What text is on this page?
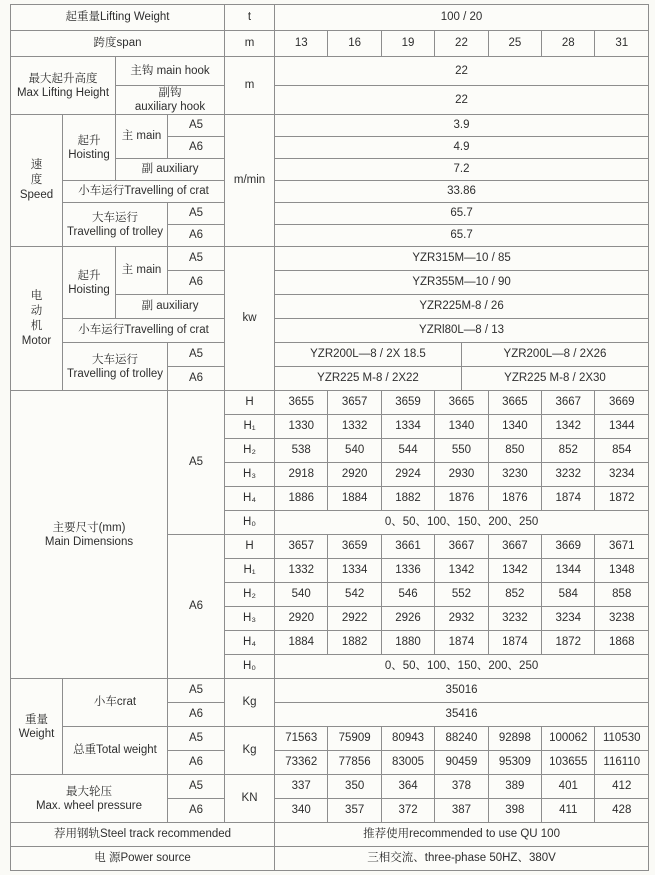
起重量Lifting Weight				t	100 / 20							
跨度span				m	13	16	19	22		25	28	31

最大起升高度
Max Lifting Height		主钩 main hook		m	22							

		副钩
auxiliary hook			22							

速
度
Speed

起升
Hoisting
	主 main	A5	m/min	3.9
			A6		4.9							
		副 auxiliary			7.2							
	小车运行Travelling of crat				33.86							

	大车运行
Travelling of trolley		A5		65.7							
			A6		65.7							

电
动
机
Motor

起升
Hoisting
	主 main	A5	kw	YZR315M—10 / 85
			A6		YZR355M—10 / 90							
		副 auxiliary			YZR225M-8 / 26							
	小车运行Travelling of crat				YZRl80L—8 / 13							

	大车运行
Travelling of trolley		A5		YZR200L—8 / 2X 18.5				YZR200L—8 / 2X26			
			A6		YZR225 M-8 / 2X22				YZR225 M-8 / 2X30			

主要尺寸(mm)
Main Dimensions			A5	H	3655	3657	3659	3665		3665	3667	3669
				H₁	1330	1332	1334	1340		1340	1342	1344
				H₂	538	540	544	550		850	852	854
				H₃	2918	2920	2924	2930		3230	3232	3234
				H₄	1886	1884	1882	1876		1876	1874	1872
				H₀	0、50、100、150、200、250							
			A6	H	3657	3659	3661	3667		3667	3669	3671
				H₁	1332	1334	1336	1342		1342	1344	1348
				H₂	540	542	546	552		852	584	858
				H₃	2920	2922	2926	2932		3232	3234	3238
				H₄	1884	1882	1880	1874		1874	1872	1868
				H₀	0、50、100、150、200、250							

重量
Weight	小车crat		A5	Kg	35016							
			A6		35416							
	总重Total weight		A5	Kg	71563	75909	80943	88240		92898	100062	110530
			A6		73362	77856	83005	90459		95309	103655	116110

最大轮压
Max. wheel pressure			A5	KN	337	350	364	378		389	401	412
			A6		340	357	372	387		398	411	428
荐用钢轨Steel track recommended					推荐使用recommended to use QU 100							
电 源Power source					三相交流、three-phase 50HZ、380V							
